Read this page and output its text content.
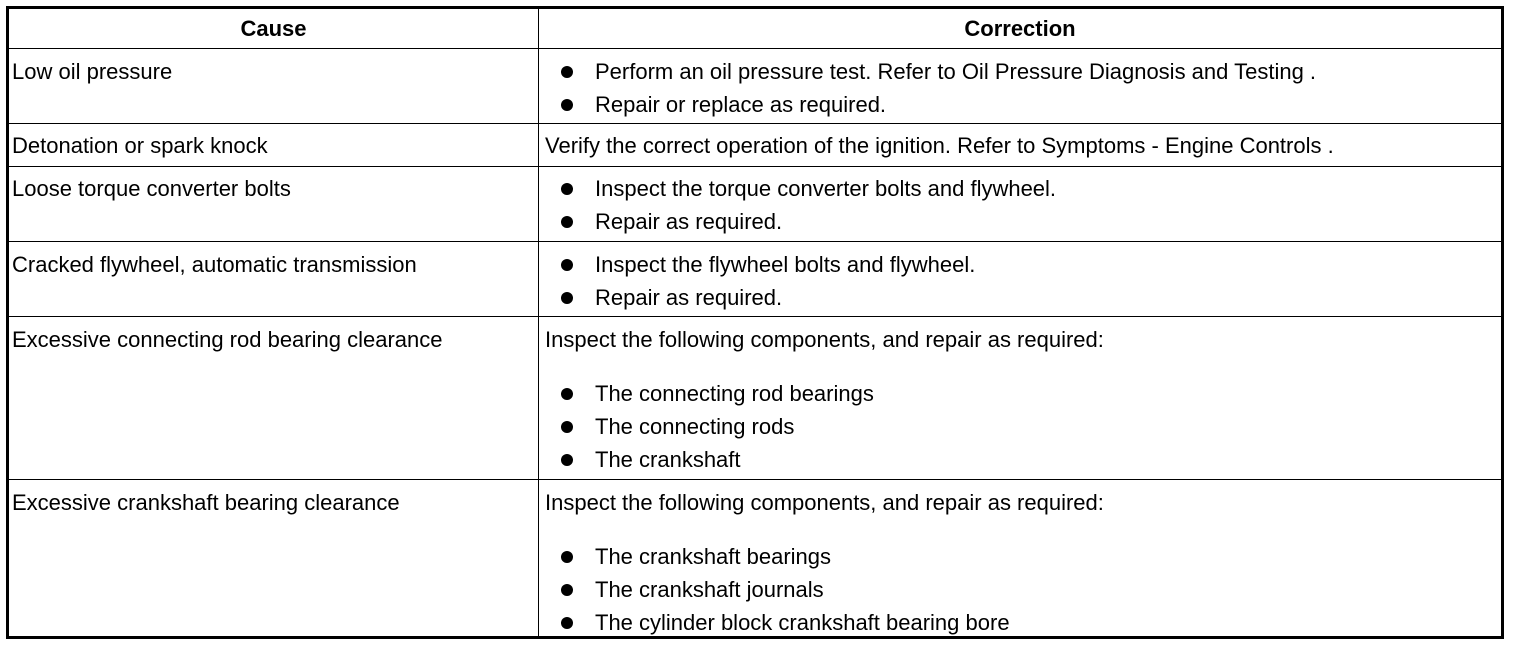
Cause	Correction
Low oil pressure	Perform an oil pressure test. Refer to Oil Pressure Diagnosis and Testing .
Repair or replace as required.
Detonation or spark knock	Verify the correct operation of the ignition. Refer to Symptoms - Engine Controls .
Loose torque converter bolts	Inspect the torque converter bolts and flywheel.
Repair as required.
Cracked flywheel, automatic transmission	Inspect the flywheel bolts and flywheel.
Repair as required.
Excessive connecting rod bearing clearance	Inspect the following components, and repair as required:
The connecting rod bearings
The connecting rods
The crankshaft
Excessive crankshaft bearing clearance	Inspect the following components, and repair as required:
The crankshaft bearings
The crankshaft journals
The cylinder block crankshaft bearing bore
